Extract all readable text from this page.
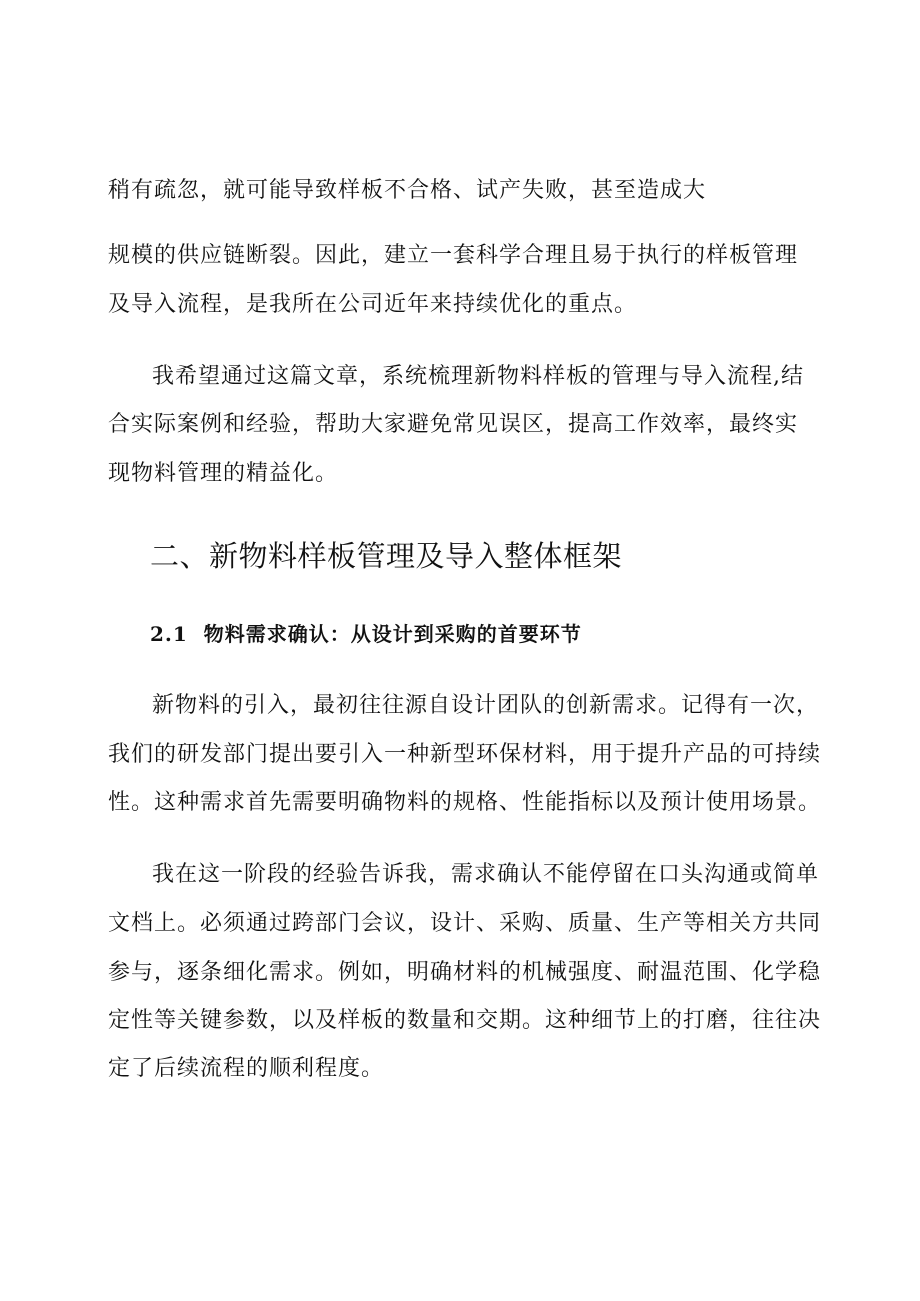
稍有疏忽，就可能导致样板不合格、试产失败，甚至造成大
规模的供应链断裂。因此，建立一套科学合理且易于执行的样板管理
及导入流程，是我所在公司近年来持续优化的重点。
我希望通过这篇文章，系统梳理新物料样板的管理与导入流程,结
合实际案例和经验，帮助大家避免常见误区，提高工作效率，最终实
现物料管理的精益化。
二、新物料样板管理及导入整体框架
2.1 物料需求确认：从设计到采购的首要环节
新物料的引入，最初往往源自设计团队的创新需求。记得有一次，
我们的研发部门提出要引入一种新型环保材料，用于提升产品的可持续
性。这种需求首先需要明确物料的规格、性能指标以及预计使用场景。
我在这一阶段的经验告诉我，需求确认不能停留在口头沟通或简单
文档上。必须通过跨部门会议，设计、采购、质量、生产等相关方共同
参与，逐条细化需求。例如，明确材料的机械强度、耐温范围、化学稳
定性等关键参数，以及样板的数量和交期。这种细节上的打磨，往往决
定了后续流程的顺利程度。
